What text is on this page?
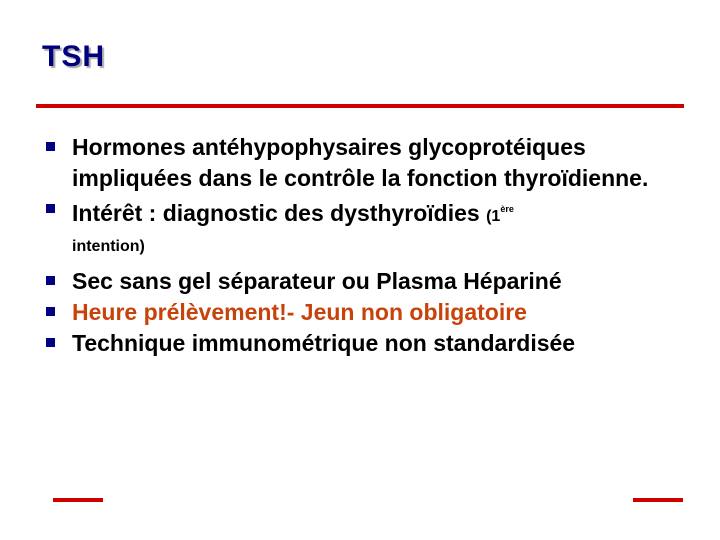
TSH
Hormones antéhypophysaires glycoprotéiques impliquées dans le contrôle la fonction thyroïdienne.
Intérêt : diagnostic des dysthyroïdies (1ère
intention)
Sec sans gel séparateur ou Plasma Hépariné
Heure prélèvement!- Jeun non obligatoire
Technique immunométrique non standardisée
